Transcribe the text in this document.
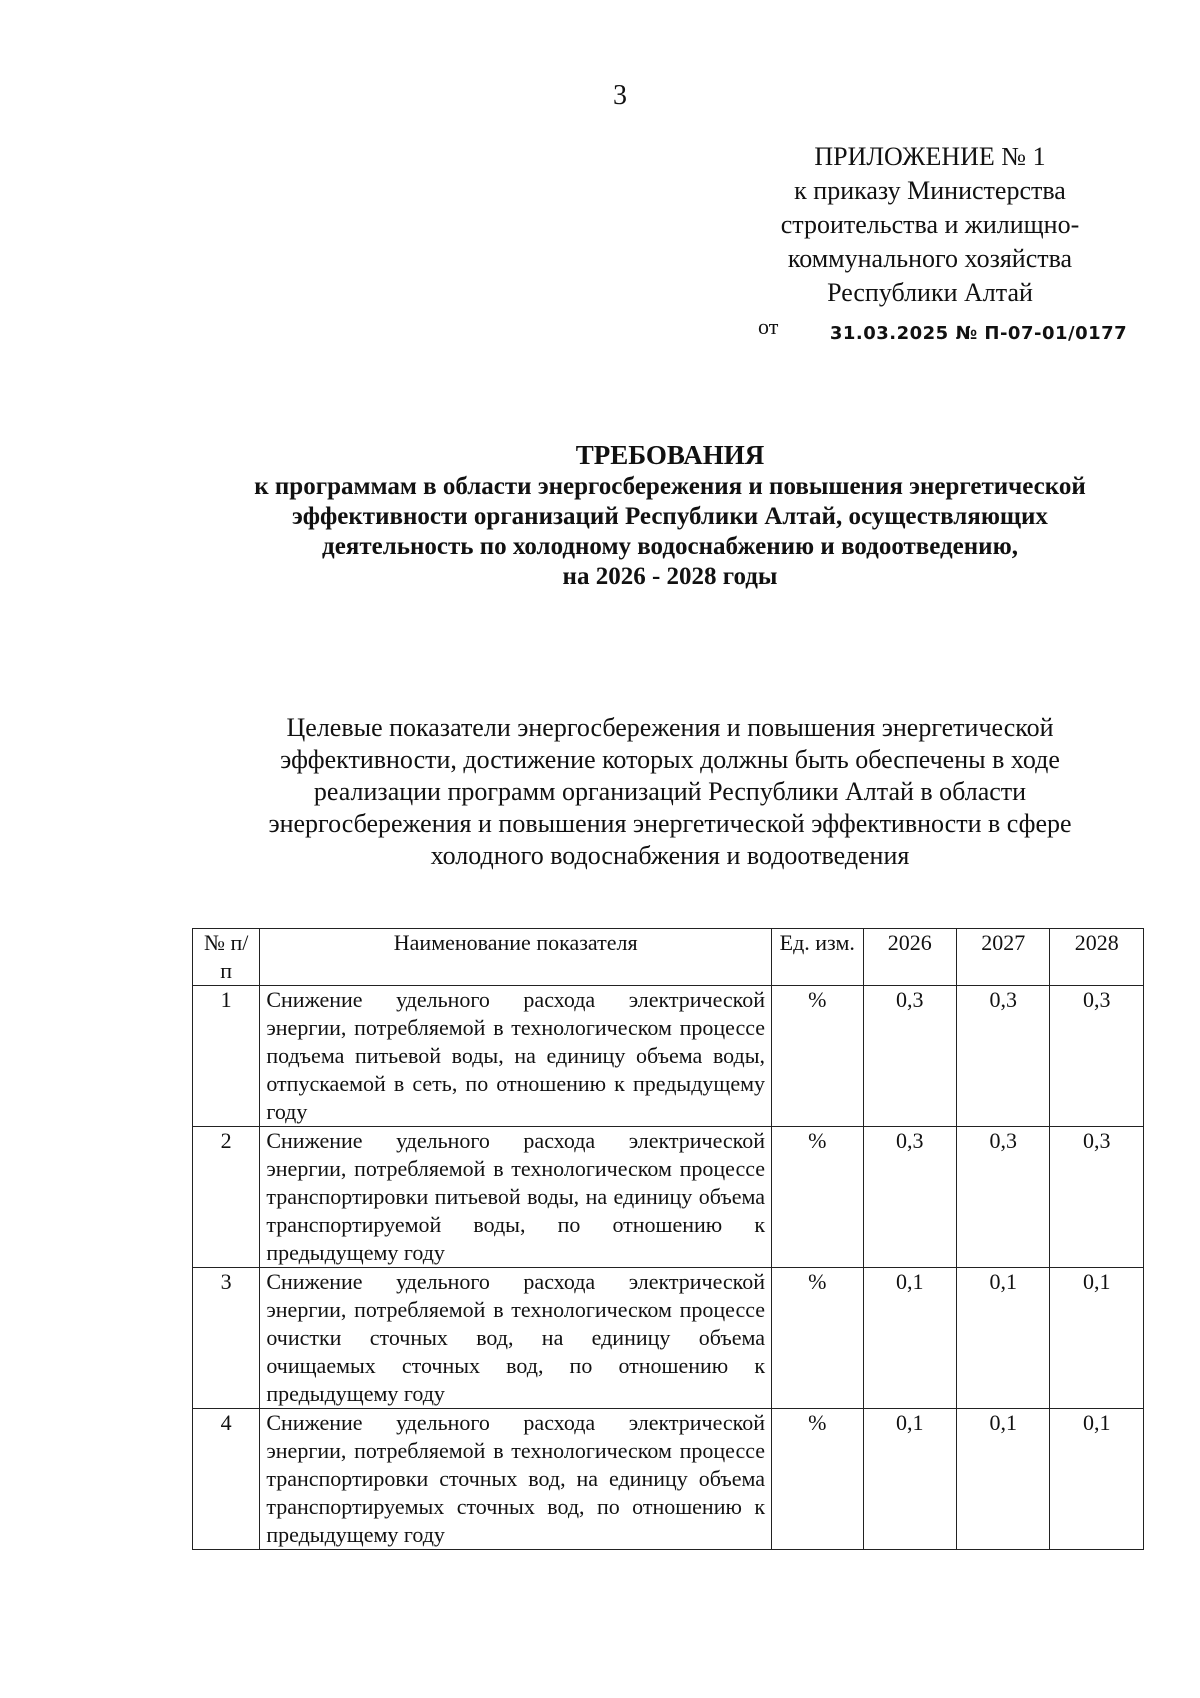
3
ПРИЛОЖЕНИЕ № 1
к приказу Министерства
строительства и жилищно-
коммунального хозяйства
Республики Алтай
от	$_{31.03.2025 № П-07-01/0177}$
ТРЕБОВАНИЯ
к программам в области энергосбережения и повышения энергетической
эффективности организаций Республики Алтай, осуществляющих
деятельность по холодному водоснабжению и водоотведению,
на 2026 - 2028 годы
Целевые показатели энергосбережения и повышения энергетической
эффективности, достижение которых должны быть обеспечены в ходе
реализации программ организаций Республики Алтай в области
энергосбережения и повышения энергетической эффективности в сфере
холодного водоснабжения и водоотведения
№ п/п	Наименование показателя	Ед. изм.	2026	2027	2028
1	Снижение удельного расхода электрической энергии, потребляемой в технологическом процессе подъема питьевой воды, на единицу объема воды, отпускаемой в сеть, по отношению к предыдущему году	%	0,3	0,3	0,3
2	Снижение удельного расхода электрической энергии, потребляемой в технологическом процессе транспортировки питьевой воды, на единицу объема транспортируемой воды, по отношению к предыдущему году	%	0,3	0,3	0,3
3	Снижение удельного расхода электрической энергии, потребляемой в технологическом процессе очистки сточных вод, на единицу объема очищаемых сточных вод, по отношению к предыдущему году	%	0,1	0,1	0,1
4	Снижение удельного расхода электрической энергии, потребляемой в технологическом процессе транспортировки сточных вод, на единицу объема транспортируемых сточных вод, по отношению к предыдущему году	%	0,1	0,1	0,1
